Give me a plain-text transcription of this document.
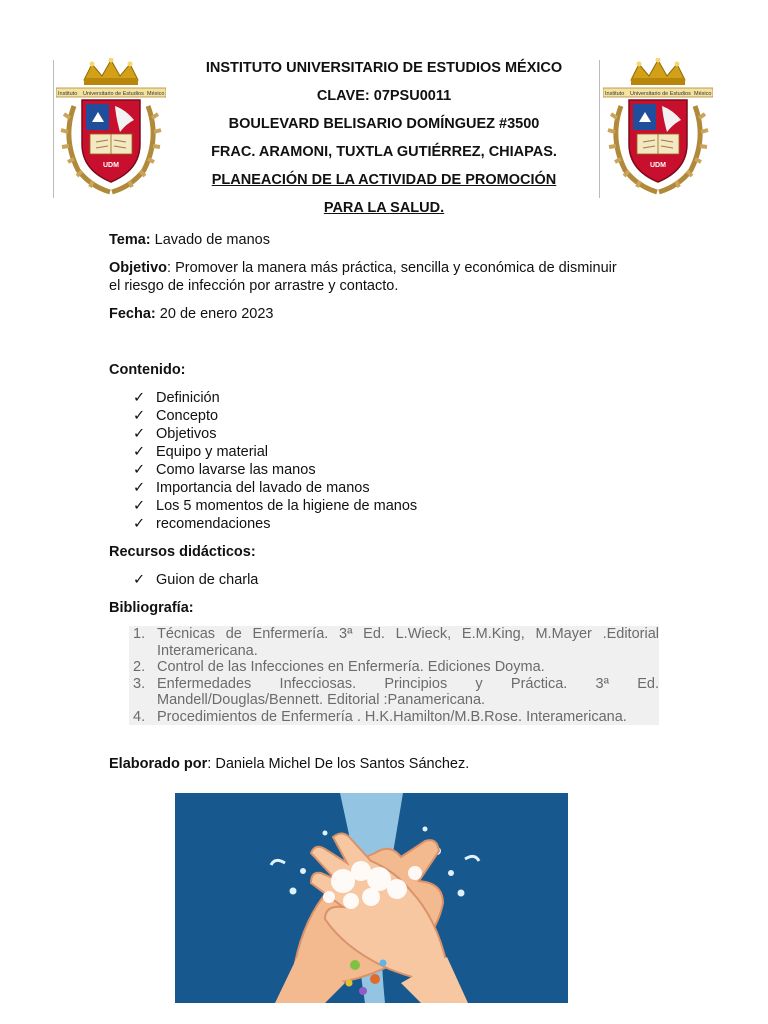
Instituto Universitario de Estudios México
UDM
Instituto Universitario de Estudios México
UDM
INSTITUTO UNIVERSITARIO DE ESTUDIOS MÉXICO
CLAVE: 07PSU0011
BOULEVARD BELISARIO DOMÍNGUEZ #3500
FRAC. ARAMONI, TUXTLA GUTIÉRREZ, CHIAPAS.
PLANEACIÓN DE LA ACTIVIDAD DE PROMOCIÓN
PARA LA SALUD.
Tema: Lavado de manos
Objetivo: Promover la manera más práctica, sencilla y económica de disminuir
el riesgo de infección por arrastre y contacto.
Fecha: 20 de enero 2023
Contenido:
✓ Definición
✓ Concepto
✓ Objetivos
✓ Equipo y material
✓ Como lavarse las manos
✓ Importancia del lavado de manos
✓ Los 5 momentos de la higiene de manos
✓ recomendaciones
Recursos didácticos:
✓ Guion de charla
Bibliografía:
1. Técnicas de Enfermería. 3ª Ed. L.Wieck, E.M.King, M.Mayer .Editorial Interamericana.
2. Control de las Infecciones en Enfermería. Ediciones Doyma.
3. Enfermedades Infecciosas. Principios y Práctica. 3ª Ed. Mandell/Douglas/Bennett. Editorial :Panamericana.
4. Procedimientos de Enfermería . H.K.Hamilton/M.B.Rose. Interamericana.
Elaborado por: Daniela Michel De los Santos Sánchez.
